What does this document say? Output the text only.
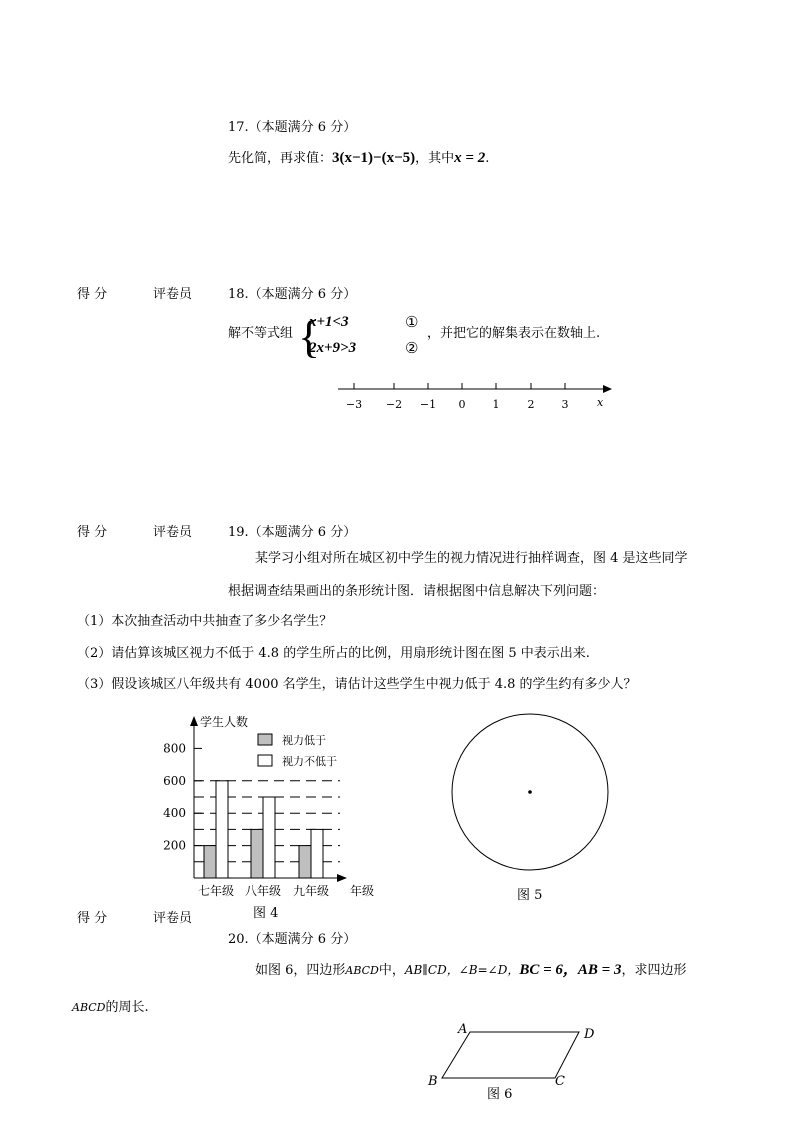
17.（本题满分 6 分）
先化简，再求值：3(x−1)−(x−5)，其中x = 2.
得 分	评卷员	18.（本题满分 6 分）
解不等式组 {
x+1<3
2x+9>3
①
②
，并把它的解集表示在数轴上.
−3 −2 −1 0 1	2 3	x
得 分	评卷员	19.（本题满分 6 分）
某学习小组对所在城区初中学生的视力情况进行抽样调查，图 4 是这些同学
根据调查结果画出的条形统计图．请根据图中信息解决下列问题：
（1）本次抽查活动中共抽查了多少名学生？
（2）请估算该城区视力不低于 4.8 的学生所占的比例，用扇形统计图在图 5 中表示出来.
（3）假设该城区八年级共有 4000 名学生，请估计这些学生中视力低于 4.8 的学生约有多少人？
学生人数
年级
200
400
600
800
七年级 八年级 九年级
视力低于
视力不低于
图 4
图 5
得 分	评卷员
20.（本题满分 6 分）
如图 6，四边形ABCD中，AB∥CD，∠B=∠D，BC = 6，AB = 3，求四边形
ABCD的周长.
A	D
B	C
图 6
